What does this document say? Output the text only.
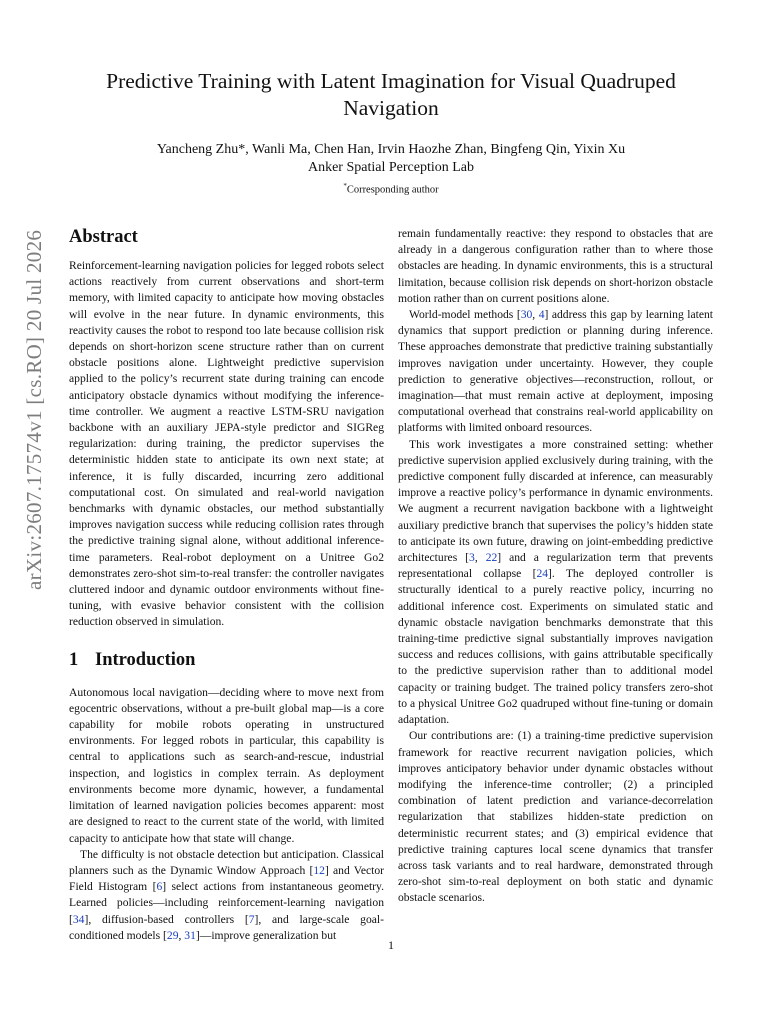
arXiv:2607.17574v1 [cs.RO] 20 Jul 2026
Predictive Training with Latent Imagination for Visual Quadruped Navigation
Yancheng Zhu*, Wanli Ma, Chen Han, Irvin Haozhe Zhan, Bingfeng Qin, Yixin Xu
Anker Spatial Perception Lab
*Corresponding author
Abstract

Reinforcement-learning navigation policies for legged robots select actions reactively from current observations and short-term memory, with limited capacity to anticipate how moving obstacles will evolve in the near future. In dynamic environments, this reactivity causes the robot to respond too late because collision risk depends on short-horizon scene structure rather than on current obstacle positions alone. Lightweight predictive supervision applied to the policy’s recurrent state during training can encode anticipatory obstacle dynamics without modifying the inference-time controller. We augment a reactive LSTM-SRU navigation backbone with an auxiliary JEPA-style predictor and SIGReg regularization: during training, the predictor supervises the deterministic hidden state to anticipate its own next state; at inference, it is fully discarded, incurring zero additional computational cost. On simulated and real-world navigation benchmarks with dynamic obstacles, our method substantially improves navigation success while reducing collision rates through the predictive training signal alone, without additional inference-time parameters. Real-robot deployment on a Unitree Go2 demonstrates zero-shot sim-to-real transfer: the controller navigates cluttered indoor and dynamic outdoor environments without fine-tuning, with evasive behavior consistent with the collision reduction observed in simulation.

1 Introduction

Autonomous local navigation—deciding where to move next from egocentric observations, without a pre-built global map—is a core capability for mobile robots operating in unstructured environments. For legged robots in particular, this capability is central to applications such as search-and-rescue, industrial inspection, and logistics in complex terrain. As deployment environments become more dynamic, however, a fundamental limitation of learned navigation policies becomes apparent: most are designed to react to the current state of the world, with limited capacity to anticipate how that state will change.

The difficulty is not obstacle detection but anticipation. Classical planners such as the Dynamic Window Approach [12] and Vector Field Histogram [6] select actions from instantaneous geometry. Learned policies—including reinforcement-learning navigation [34], diffusion-based controllers [7], and large-scale goal-conditioned models [29, 31]—improve generalization but

remain fundamentally reactive: they respond to obstacles that are already in a dangerous configuration rather than to where those obstacles are heading. In dynamic environments, this is a structural limitation, because collision risk depends on short-horizon obstacle motion rather than on current positions alone.

World-model methods [30, 4] address this gap by learning latent dynamics that support prediction or planning during inference. These approaches demonstrate that predictive training substantially improves navigation under uncertainty. However, they couple prediction to generative objectives—reconstruction, rollout, or imagination—that must remain active at deployment, imposing computational overhead that constrains real-world applicability on platforms with limited onboard resources.

This work investigates a more constrained setting: whether predictive supervision applied exclusively during training, with the predictive component fully discarded at inference, can measurably improve a reactive policy’s performance in dynamic environments. We augment a recurrent navigation backbone with a lightweight auxiliary predictive branch that supervises the policy’s hidden state to anticipate its own future, drawing on joint-embedding predictive architectures [3, 22] and a regularization term that prevents representational collapse [24]. The deployed controller is structurally identical to a purely reactive policy, incurring no additional inference cost. Experiments on simulated static and dynamic obstacle navigation benchmarks demonstrate that this training-time predictive signal substantially improves navigation success and reduces collisions, with gains attributable specifically to the predictive supervision rather than to additional model capacity or training budget. The trained policy transfers zero-shot to a physical Unitree Go2 quadruped without fine-tuning or domain adaptation.

Our contributions are: (1) a training-time predictive supervision framework for reactive recurrent navigation policies, which improves anticipatory behavior under dynamic obstacles without modifying the inference-time controller; (2) a principled combination of latent prediction and variance-decorrelation regularization that stabilizes hidden-state prediction on deterministic recurrent states; and (3) empirical evidence that predictive training captures local scene dynamics that transfer across task variants and to real hardware, demonstrated through zero-shot sim-to-real deployment on both static and dynamic obstacle scenarios.

1
